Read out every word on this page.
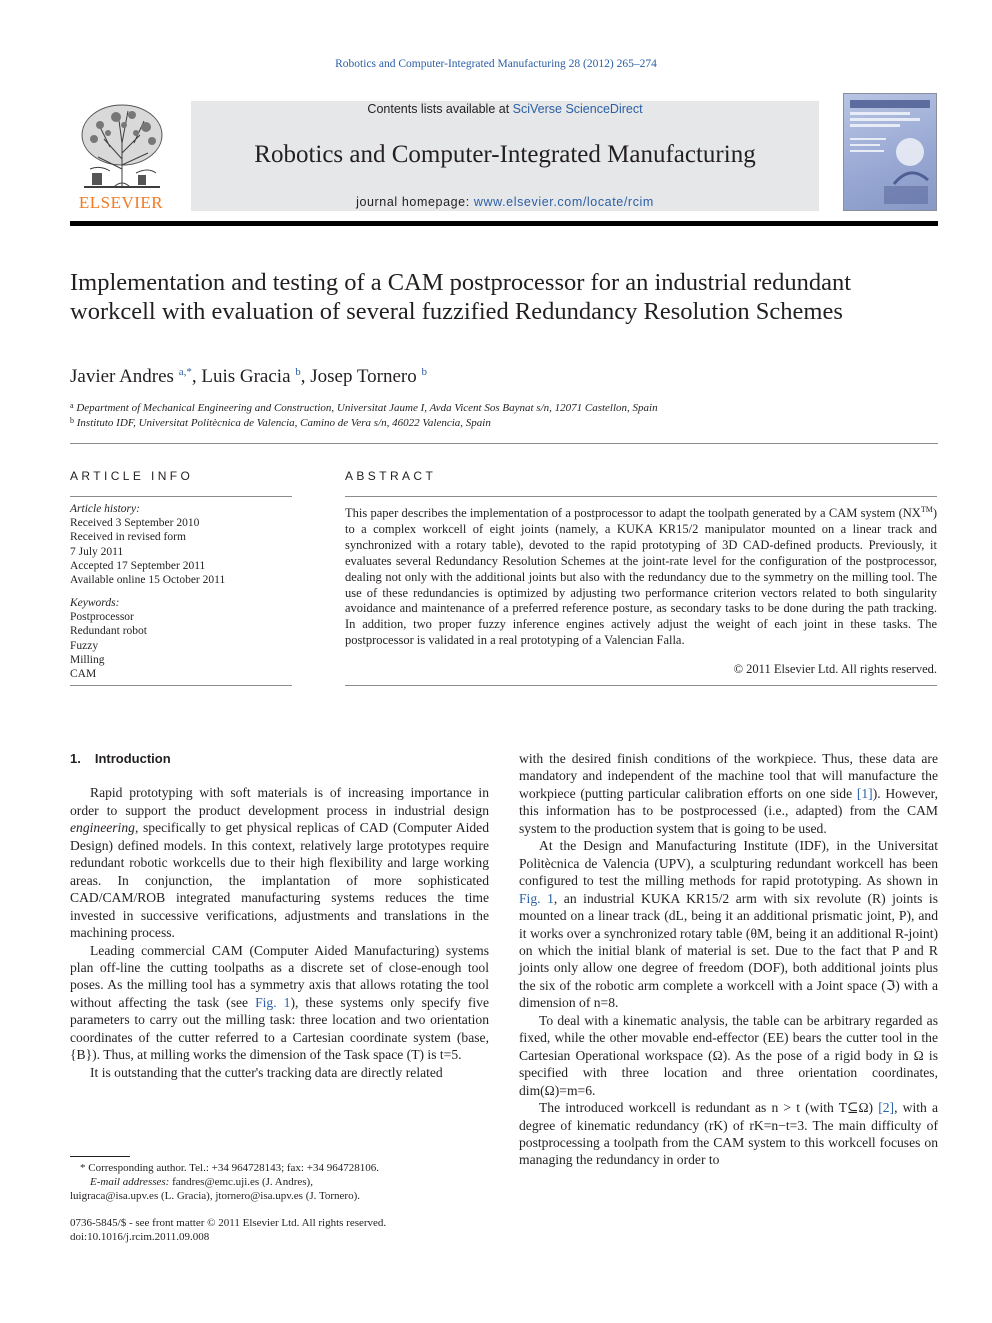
Robotics and Computer-Integrated Manufacturing 28 (2012) 265–274
ELSEVIER
Contents lists available at SciVerse ScienceDirect
Robotics and Computer-Integrated Manufacturing
journal homepage: www.elsevier.com/locate/rcim
Implementation and testing of a CAM postprocessor for an industrial redundant workcell with evaluation of several fuzzified Redundancy Resolution Schemes
Javier Andres $^{a,*}$, Luis Gracia $^b$, Josep Tornero $^b$
$^a$ Department of Mechanical Engineering and Construction, Universitat Jaume I, Avda Vicent Sos Baynat s/n, 12071 Castellon, Spain
$^b$ Instituto IDF, Universitat Politècnica de Valencia, Camino de Vera s/n, 46022 Valencia, Spain
ARTICLE INFO
Article history:
Received 3 September 2010
Received in revised form
7 July 2011
Accepted 17 September 2011
Available online 15 October 2011
Keywords:
Postprocessor
Redundant robot
Fuzzy
Milling
CAM
ABSTRACT
This paper describes the implementation of a postprocessor to adapt the toolpath generated by a CAM system (NX™) to a complex workcell of eight joints (namely, a KUKA KR15/2 manipulator mounted on a linear track and synchronized with a rotary table), devoted to the rapid prototyping of 3D CAD-defined products. Previously, it evaluates several Redundancy Resolution Schemes at the joint-rate level for the configuration of the postprocessor, dealing not only with the additional joints but also with the redundancy due to the symmetry on the milling tool. The use of these redundancies is optimized by adjusting two performance criterion vectors related to both singularity avoidance and maintenance of a preferred reference posture, as secondary tasks to be done during the path tracking. In addition, two proper fuzzy inference engines actively adjust the weight of each joint in these tasks. The postprocessor is validated in a real prototyping of a Valencian Falla.
© 2011 Elsevier Ltd. All rights reserved.

1. Introduction

Rapid prototyping with soft materials is of increasing importance in order to support the product development process in industrial design engineering, specifically to get physical replicas of CAD (Computer Aided Design) defined models. In this context, relatively large prototypes require redundant robotic workcells due to their high flexibility and large working areas. In conjunction, the implantation of more sophisticated CAD/CAM/ROB integrated manufacturing systems reduces the time invested in successive verifications, adjustments and translations in the machining process.

Leading commercial CAM (Computer Aided Manufacturing) systems plan off-line the cutting toolpaths as a discrete set of close-enough tool poses. As the milling tool has a symmetry axis that allows rotating the tool without affecting the task (see Fig. 1), these systems only specify five parameters to carry out the milling task: three location and two orientation coordinates of the cutter referred to a Cartesian coordinate system (base, {B}). Thus, at milling works the dimension of the Task space (T) is t=5.

It is outstanding that the cutter's tracking data are directly related

with the desired finish conditions of the workpiece. Thus, these data are mandatory and independent of the machine tool that will manufacture the workpiece (putting particular calibration efforts on one side [1]). However, this information has to be postprocessed (i.e., adapted) from the CAM system to the production system that is going to be used.

At the Design and Manufacturing Institute (IDF), in the Universitat Politècnica de Valencia (UPV), a sculpturing redundant workcell has been configured to test the milling methods for rapid prototyping. As shown in Fig. 1, an industrial KUKA KR15/2 arm with six revolute (R) joints is mounted on a linear track (dL, being it an additional prismatic joint, P), and it works over a synchronized rotary table (θM, being it an additional R-joint) on which the initial blank of material is set. Due to the fact that P and R joints only allow one degree of freedom (DOF), both additional joints plus the six of the robotic arm complete a workcell with a Joint space (ℑ) with a dimension of n=8.

To deal with a kinematic analysis, the table can be arbitrary regarded as fixed, while the other movable end-effector (EE) bears the cutter tool in the Cartesian Operational workspace (Ω). As the pose of a rigid body in Ω is specified with three location and three orientation coordinates, dim(Ω)=m=6.

The introduced workcell is redundant as n > t (with T⊆Ω) [2], with a degree of kinematic redundancy (rK) of rK=n−t=3. The main difficulty of postprocessing a toolpath from the CAM system to this workcell focuses on managing the redundancy in order to

* Corresponding author. Tel.: +34 964728143; fax: +34 964728106.
E-mail addresses: fandres@emc.uji.es (J. Andres),
luigraca@isa.upv.es (L. Gracia), jtornero@isa.upv.es (J. Tornero).
0736-5845/$ - see front matter © 2011 Elsevier Ltd. All rights reserved.
doi:10.1016/j.rcim.2011.09.008
